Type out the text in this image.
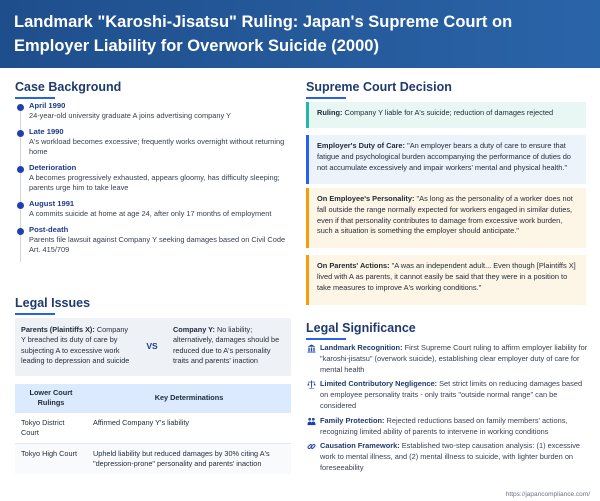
Landmark "Karoshi-Jisatsu" Ruling: Japan's Supreme Court on Employer Liability for Overwork Suicide (2000)
Case Background
April 1990
24-year-old university graduate A joins advertising company Y
Late 1990
A's workload becomes excessive; frequently works overnight without returning home
Deterioration
A becomes progressively exhausted, appears gloomy, has difficulty sleeping; parents urge him to take leave
August 1991
A commits suicide at home at age 24, after only 17 months of employment
Post-death
Parents file lawsuit against Company Y seeking damages based on Civil Code Art. 415/709
Legal Issues
Parents (Plaintiffs X): Company Y breached its duty of care by subjecting A to excessive work leading to depression and suicide
VS
Company Y: No liability; alternatively, damages should be reduced due to A's personality traits and parents' inaction
Lower Court Rulings	Key Determinations
Tokyo District Court	Affirmed Company Y's liability
Tokyo High Court	Upheld liability but reduced damages by 30% citing A's "depression-prone" personality and parents' inaction
Supreme Court Decision
Ruling: Company Y liable for A's suicide; reduction of damages rejected
Employer's Duty of Care: "An employer bears a duty of care to ensure that fatigue and psychological burden accompanying the performance of duties do not accumulate excessively and impair workers' mental and physical health."
On Employee's Personality: "As long as the personality of a worker does not fall outside the range normally expected for workers engaged in similar duties, even if that personality contributes to damage from excessive work burden, such a situation is something the employer should anticipate."
On Parents' Actions: "A was an independent adult... Even though [Plaintiffs X] lived with A as parents, it cannot easily be said that they were in a position to take measures to improve A's working conditions."
Legal Significance
Landmark Recognition: First Supreme Court ruling to affirm employer liability for "karoshi-jisatsu" (overwork suicide), establishing clear employer duty of care for mental health
Limited Contributory Negligence: Set strict limits on reducing damages based on employee personality traits - only traits "outside normal range" can be considered
Family Protection: Rejected reductions based on family members' actions, recognizing limited ability of parents to intervene in working conditions
Causation Framework: Established two-step causation analysis: (1) excessive work to mental illness, and (2) mental illness to suicide, with lighter burden on foreseeability
https://japancompliance.com/
